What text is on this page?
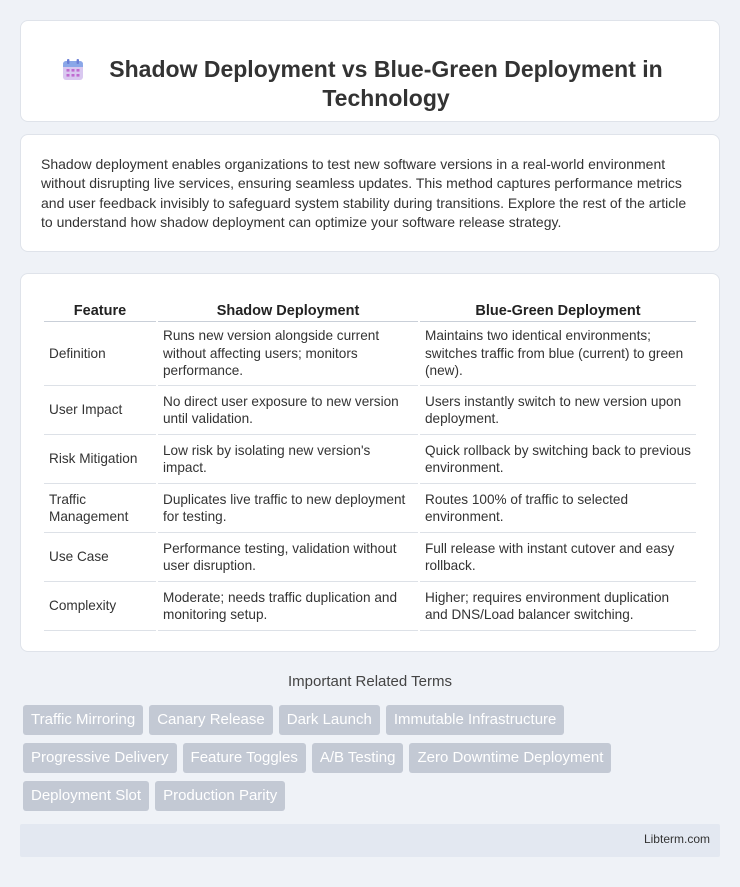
Shadow Deployment vs Blue-Green Deployment in Technology

Shadow deployment enables organizations to test new software versions in a real-world environment without disrupting live services, ensuring seamless updates. This method captures performance metrics and user feedback invisibly to safeguard system stability during transitions. Explore the rest of the article to understand how shadow deployment can optimize your software release strategy.

Feature	Shadow Deployment	Blue-Green Deployment
Definition	Runs new version alongside current without affecting users; monitors performance.	Maintains two identical environments; switches traffic from blue (current) to green (new).
User Impact	No direct user exposure to new version until validation.	Users instantly switch to new version upon deployment.
Risk Mitigation	Low risk by isolating new version's impact.	Quick rollback by switching back to previous environment.
Traffic Management	Duplicates live traffic to new deployment for testing.	Routes 100% of traffic to selected environment.
Use Case	Performance testing, validation without user disruption.	Full release with instant cutover and easy rollback.
Complexity	Moderate; needs traffic duplication and monitoring setup.	Higher; requires environment duplication and DNS/Load balancer switching.
Important Related Terms
Traffic Mirroring	Canary Release	Dark Launch	Immutable Infrastructure
Progressive Delivery	Feature Toggles	A/B Testing	Zero Downtime Deployment
Deployment Slot	Production Parity
Libterm.com
